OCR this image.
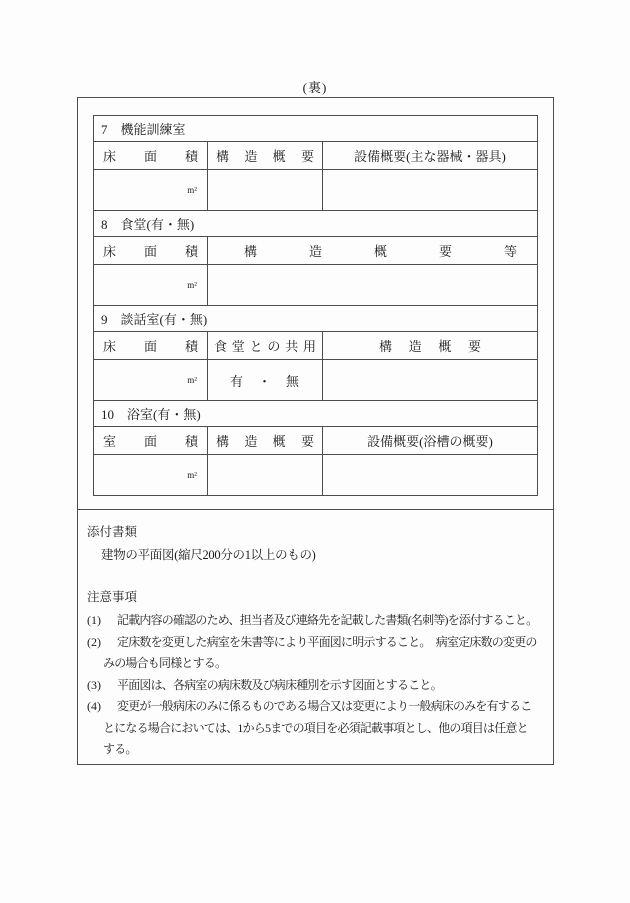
(裏)
7　機能訓練室		
床面積	構造概要	設備概要(主な器械・器具)
m²		
8　食堂(有・無)		
床面積	構造概要等	
m²		
9　談話室(有・無)		
床面積	食堂との共用	構造概要
m²	有　・　無	
10　浴室(有・無)		
室面積	構造概要	設備概要(浴槽の概要)
m²		
添付書類
建物の平面図(縮尺200分の1以上のもの)
注意事項
(1) 記載内容の確認のため、担当者及び連絡先を記載した書類(名刺等)を添付すること。
(2) 定床数を変更した病室を朱書等により平面図に明示すること。　病室定床数の変更の
みの場合も同様とする。
(3) 平面図は、各病室の病床数及び病床種別を示す図面とすること。
(4) 変更が一般病床のみに係るものである場合又は変更により一般病床のみを有するこ
とになる場合においては、1から5までの項目を必須記載事項とし、他の項目は任意と
する。
